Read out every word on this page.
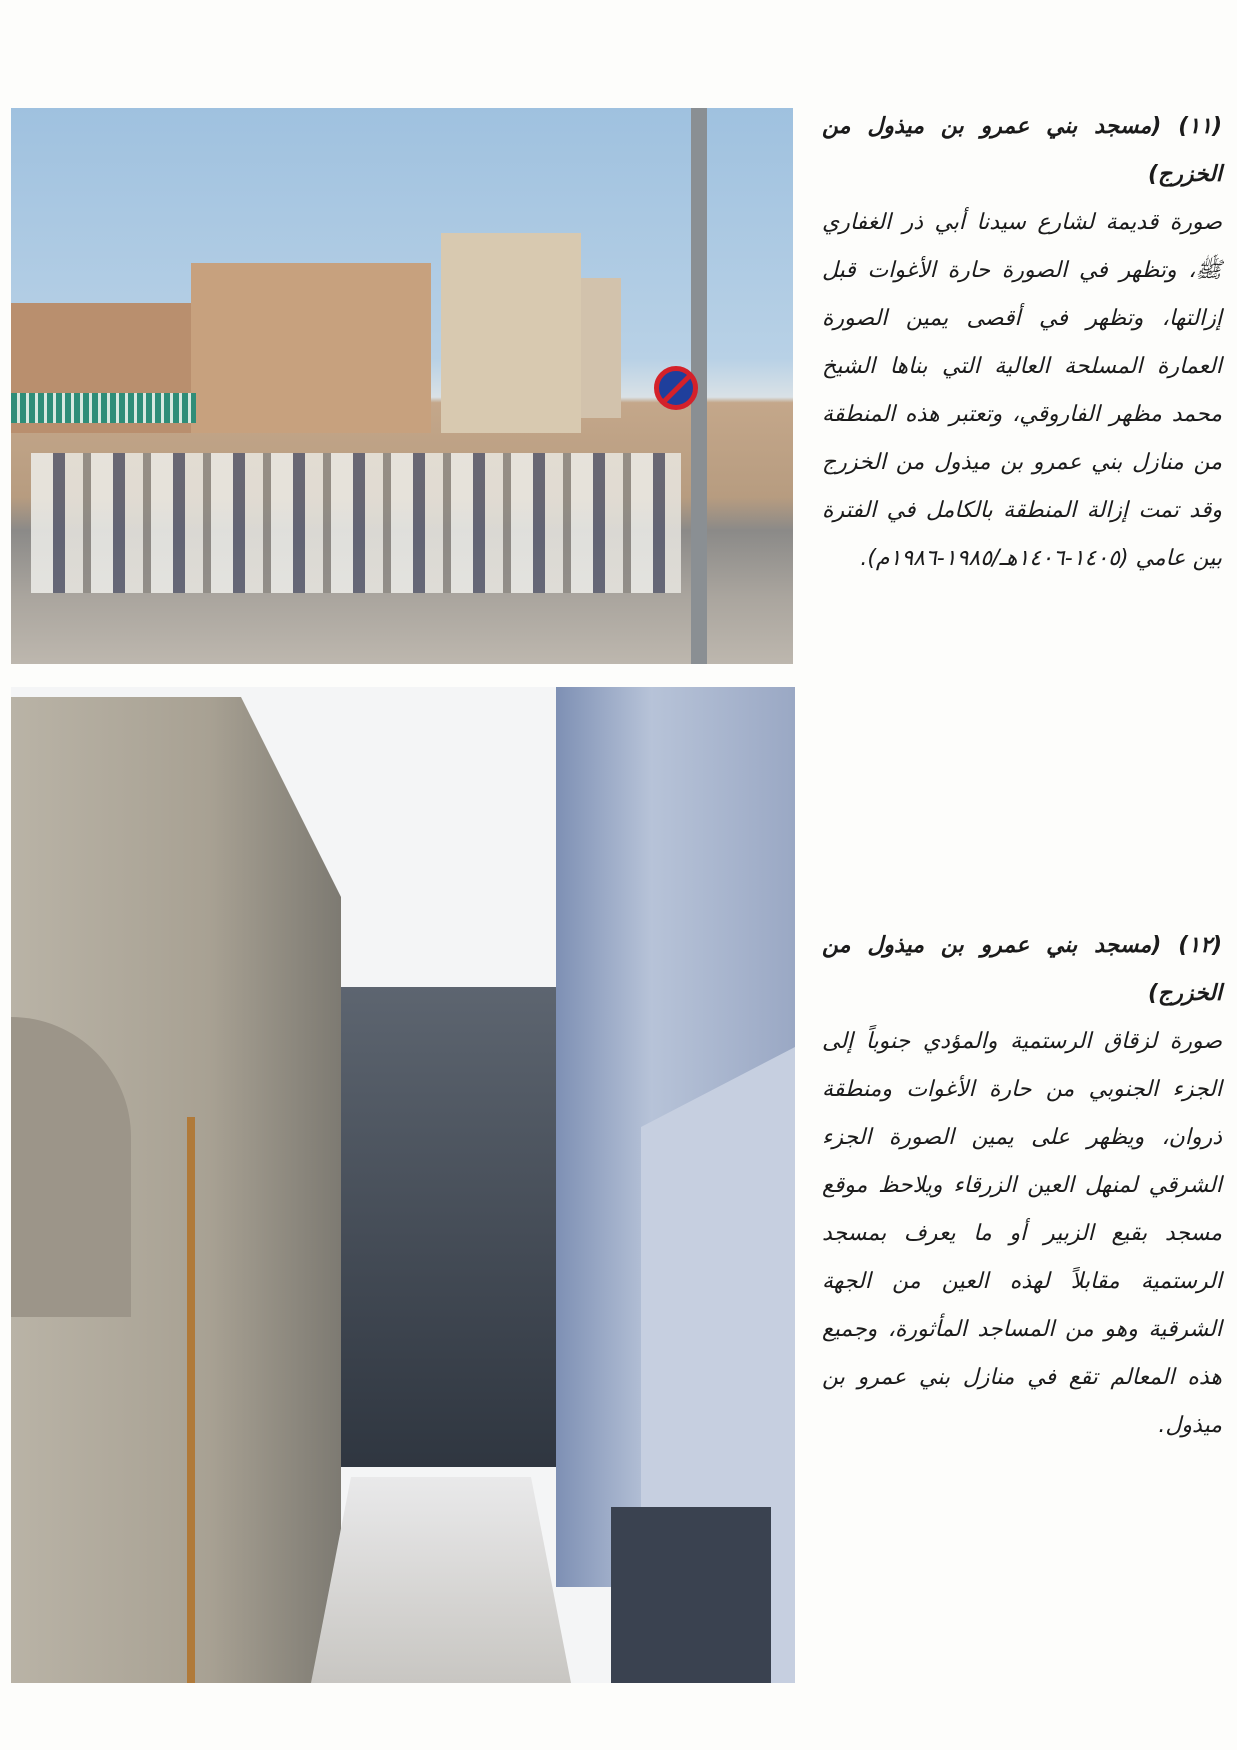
(١١) (مسجد بني عمرو بن ميذول من الخزرج)

صورة قديمة لشارع سيدنا أبي ذر الغفاري ﷺ، وتظهر في الصورة حارة الأغوات قبل إزالتها، وتظهر في أقصى يمين الصورة العمارة المسلحة العالية التي بناها الشيخ محمد مظهر الفاروقي، وتعتبر هذه المنطقة من منازل بني عمرو بن ميذول من الخزرج وقد تمت إزالة المنطقة بالكامل في الفترة بين عامي (١٤٠٥-١٤٠٦هـ/١٩٨٥-١٩٨٦م).

(١٢) (مسجد بني عمرو بن ميذول من الخزرج)

صورة لزقاق الرستمية والمؤدي جنوباً إلى الجزء الجنوبي من حارة الأغوات ومنطقة ذروان، ويظهر على يمين الصورة الجزء الشرقي لمنهل العين الزرقاء ويلاحظ موقع مسجد بقيع الزبير أو ما يعرف بمسجد الرستمية مقابلاً لهذه العين من الجهة الشرقية وهو من المساجد المأثورة، وجميع هذه المعالم تقع في منازل بني عمرو بن ميذول.
